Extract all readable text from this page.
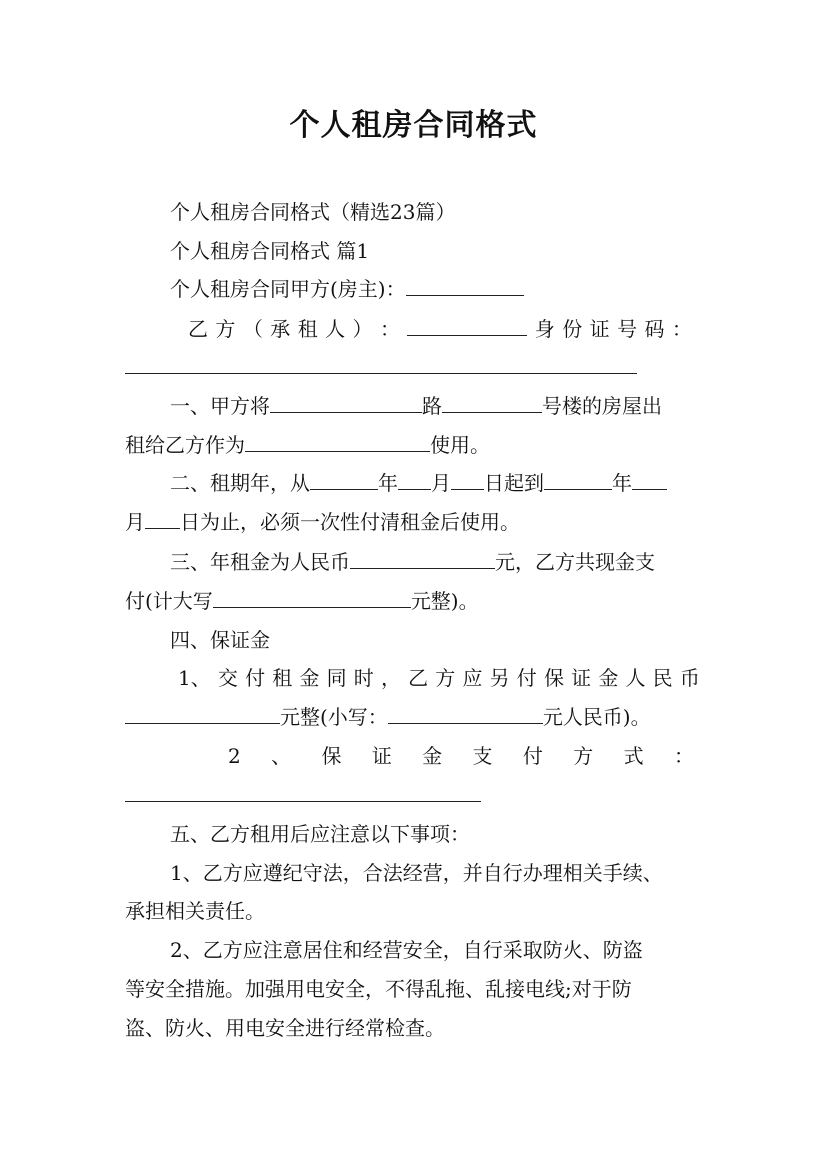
个人租房合同格式
个人租房合同格式（精选23篇）
个人租房合同格式 篇1
个人租房合同甲方(房主)：
乙 方 （ 承 租 人 ） ：	身 份 证 号 码 ：
一、甲方将	路	号楼的房屋出
租给乙方作为	使用。
二、租期年，从	年 月 日起到	年
月 日为止，必须一次性付清租金后使用。
三、年租金为人民币	元，乙方共现金支
付(计大写	元整)。
四、保证金
1、 交 付 租 金 同 时 ， 乙 方 应 另 付 保 证 金 人 民 币
元整(小写：	元人民币)。
2 、 保 证 金 支 付 方 式 ：
五、乙方租用后应注意以下事项：
1、乙方应遵纪守法，合法经营，并自行办理相关手续、
承担相关责任。
2、乙方应注意居住和经营安全，自行采取防火、防盗
等安全措施。加强用电安全，不得乱拖、乱接电线;对于防
盗、防火、用电安全进行经常检查。
